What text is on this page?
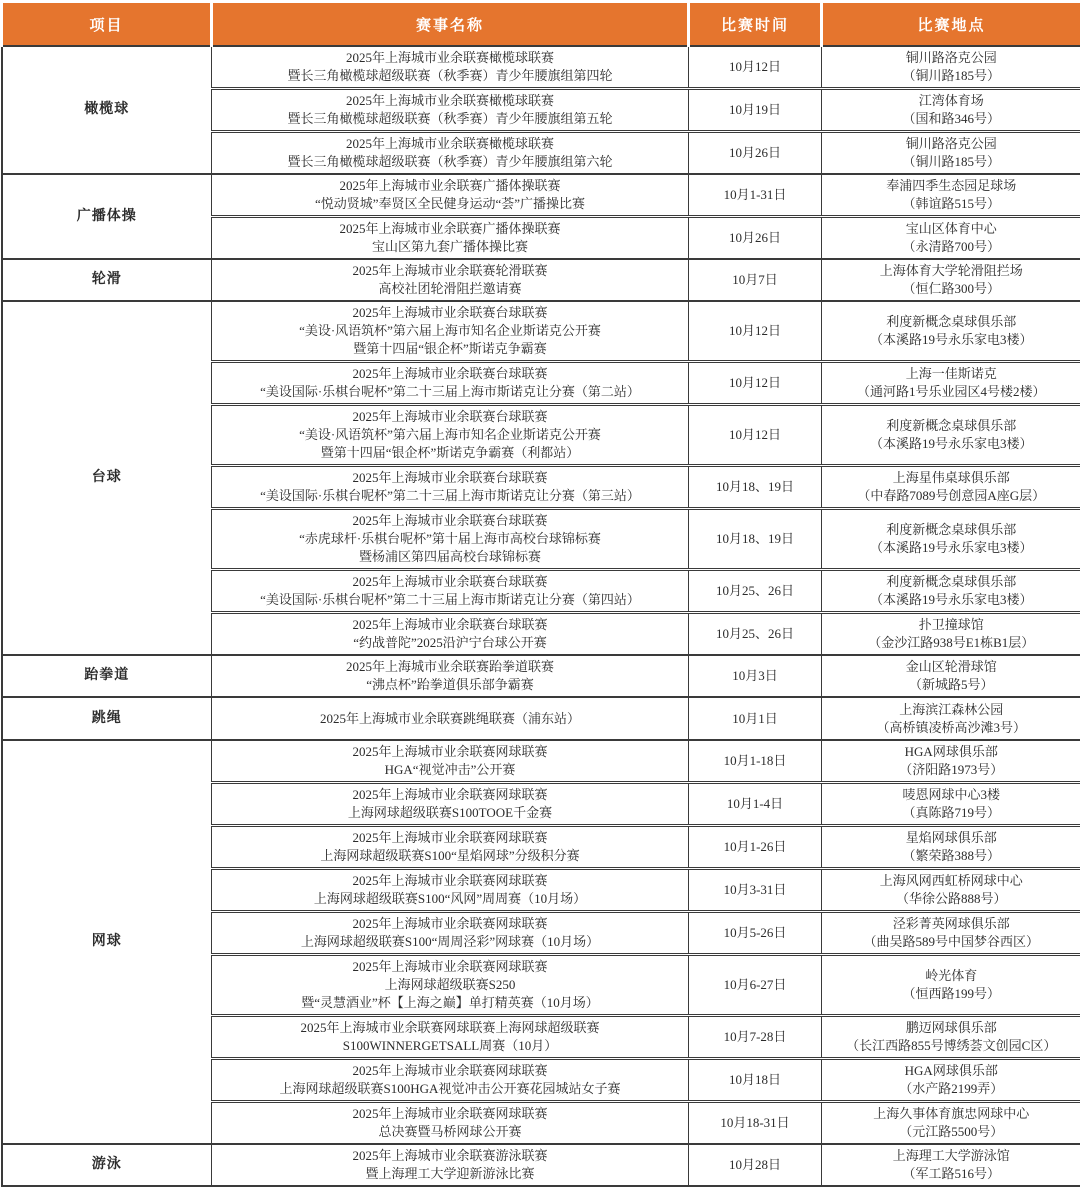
项目	赛事名称	比赛时间	比赛地点
橄榄球	2025年上海城市业余联赛橄榄球联赛
暨长三角橄榄球超级联赛（秋季赛）青少年腰旗组第四轮	10月12日	铜川路洛克公园
（铜川路185号）

	2025年上海城市业余联赛橄榄球联赛
暨长三角橄榄球超级联赛（秋季赛）青少年腰旗组第五轮	10月19日	江湾体育场
（国和路346号）

	2025年上海城市业余联赛橄榄球联赛
暨长三角橄榄球超级联赛（秋季赛）青少年腰旗组第六轮	10月26日	铜川路洛克公园
（铜川路185号）

广播体操	2025年上海城市业余联赛广播体操联赛
“悦动贤城”奉贤区全民健身运动“荟”广播操比赛	10月1-31日	奉浦四季生态园足球场
（韩谊路515号）

	2025年上海城市业余联赛广播体操联赛
宝山区第九套广播体操比赛	10月26日	宝山区体育中心
（永清路700号）

轮滑	2025年上海城市业余联赛轮滑联赛
高校社团轮滑阻拦邀请赛	10月7日	上海体育大学轮滑阻拦场
（恒仁路300号）

台球	2025年上海城市业余联赛台球联赛
“美设·风语筑杯”第六届上海市知名企业斯诺克公开赛
暨第十四届“银企杯”斯诺克争霸赛	10月12日	利度新概念桌球俱乐部
（本溪路19号永乐家电3楼）

	2025年上海城市业余联赛台球联赛
“美设国际·乐棋台呢杯”第二十三届上海市斯诺克让分赛（第二站）	10月12日	上海一佳斯诺克
（通河路1号乐业园区4号楼2楼）

	2025年上海城市业余联赛台球联赛
“美设·风语筑杯”第六届上海市知名企业斯诺克公开赛
暨第十四届“银企杯”斯诺克争霸赛（利都站）	10月12日	利度新概念桌球俱乐部
（本溪路19号永乐家电3楼）

	2025年上海城市业余联赛台球联赛
“美设国际·乐棋台呢杯”第二十三届上海市斯诺克让分赛（第三站）	10月18、19日	上海星伟桌球俱乐部
（中春路7089号创意园A座G层）

	2025年上海城市业余联赛台球联赛
“赤虎球杆·乐棋台呢杯”第十届上海市高校台球锦标赛
暨杨浦区第四届高校台球锦标赛	10月18、19日	利度新概念桌球俱乐部
（本溪路19号永乐家电3楼）

	2025年上海城市业余联赛台球联赛
“美设国际·乐棋台呢杯”第二十三届上海市斯诺克让分赛（第四站）	10月25、26日	利度新概念桌球俱乐部
（本溪路19号永乐家电3楼）

	2025年上海城市业余联赛台球联赛
“约战普陀”2025沿沪宁台球公开赛	10月25、26日	扑卫撞球馆
（金沙江路938号E1栋B1层）

跆拳道	2025年上海城市业余联赛跆拳道联赛
“沸点杯”跆拳道俱乐部争霸赛	10月3日	金山区轮滑球馆
（新城路5号）

跳绳	2025年上海城市业余联赛跳绳联赛（浦东站）	10月1日	上海滨江森林公园
（高桥镇凌桥高沙滩3号）

网球	2025年上海城市业余联赛网球联赛
HGA“视觉冲击”公开赛	10月1-18日	HGA网球俱乐部
（济阳路1973号）

	2025年上海城市业余联赛网球联赛
上海网球超级联赛S100TOOE千金赛	10月1-4日	唛恩网球中心3楼
（真陈路719号）

	2025年上海城市业余联赛网球联赛
上海网球超级联赛S100“星焰网球”分级积分赛	10月1-26日	星焰网球俱乐部
（繁荣路388号）

	2025年上海城市业余联赛网球联赛
上海网球超级联赛S100“风网”周周赛（10月场）	10月3-31日	上海风网西虹桥网球中心
（华徐公路888号）

	2025年上海城市业余联赛网球联赛
上海网球超级联赛S100“周周泾彩”网球赛（10月场）	10月5-26日	泾彩菁英网球俱乐部
（曲吴路589号中国梦谷西区）

	2025年上海城市业余联赛网球联赛
上海网球超级联赛S250
暨“灵慧酒业”杯【上海之巅】单打精英赛（10月场）	10月6-27日	岭光体育
（恒西路199号）

	2025年上海城市业余联赛网球联赛上海网球超级联赛
S100WINNERGETSALL周赛（10月）	10月7-28日	鹏迈网球俱乐部
（长江西路855号博绣荟文创园C区）

	2025年上海城市业余联赛网球联赛
上海网球超级联赛S100HGA视觉冲击公开赛花园城站女子赛	10月18日	HGA网球俱乐部
（水产路2199弄）

	2025年上海城市业余联赛网球联赛
总决赛暨马桥网球公开赛	10月18-31日	上海久事体育旗忠网球中心
（元江路5500号）

游泳	2025年上海城市业余联赛游泳联赛
暨上海理工大学迎新游泳比赛	10月28日	上海理工大学游泳馆
（军工路516号）
